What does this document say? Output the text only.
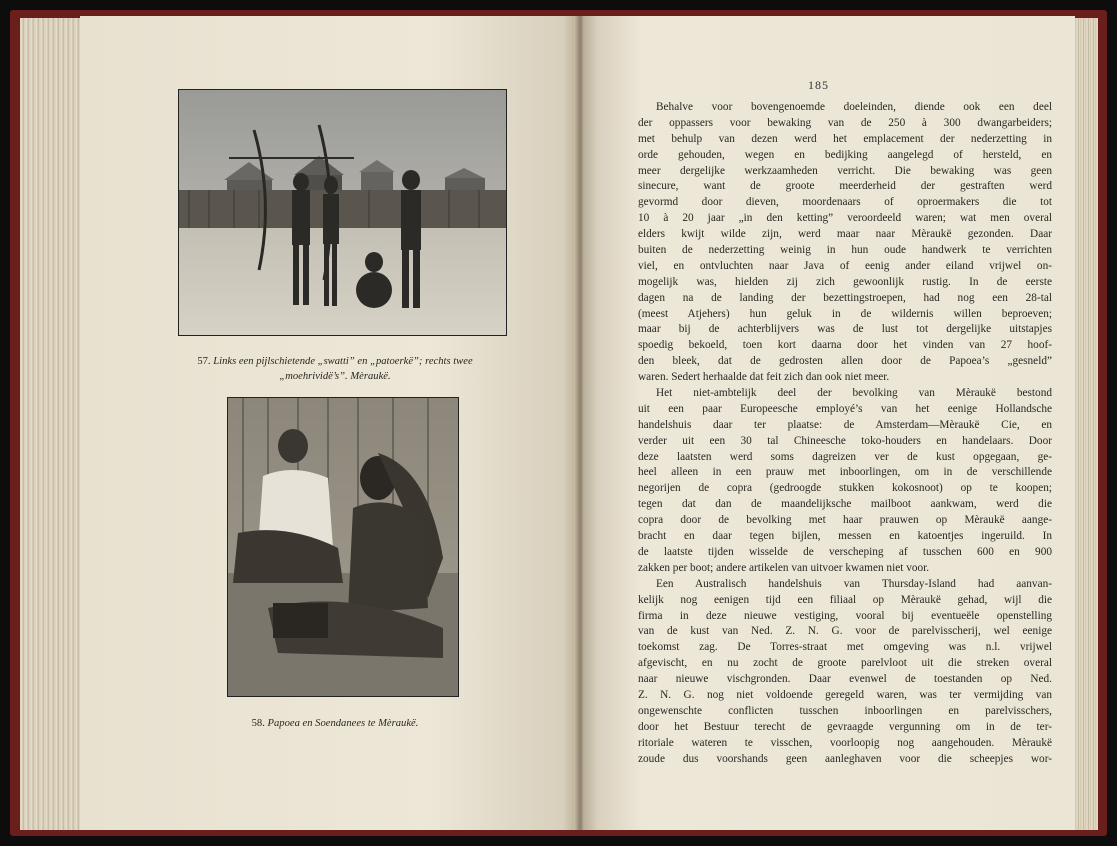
57. Links een pijlschietende „swatti” en „patoerkë”; rechts twee
„moehrividë’s”. Mèraukë.
58. Papoea en Soendanees te Mèraukë.
185
Behalve voor bovengenoemde doeleinden, diende ook een deel
der oppassers voor bewaking van de 250 à 300 dwangarbeiders;
met behulp van dezen werd het emplacement der nederzetting in
orde gehouden, wegen en bedijking aangelegd of hersteld, en
meer dergelijke werkzaamheden verricht. Die bewaking was geen
sinecure, want de groote meerderheid der gestraften werd
gevormd door dieven, moordenaars of oproermakers die tot
10 à 20 jaar „in den ketting” veroordeeld waren; wat men overal
elders kwijt wilde zijn, werd maar naar Mèraukë gezonden. Daar
buiten de nederzetting weinig in hun oude handwerk te verrichten
viel, en ontvluchten naar Java of eenig ander eiland vrijwel on-
mogelijk was, hielden zij zich gewoonlijk rustig. In de eerste
dagen na de landing der bezettingstroepen, had nog een 28-tal
(meest Atjehers) hun geluk in de wildernis willen beproeven;
maar bij de achterblijvers was de lust tot dergelijke uitstapjes
spoedig bekoeld, toen kort daarna door het vinden van 27 hoof-
den bleek, dat de gedrosten allen door de Papoea’s „gesneld”
waren. Sedert herhaalde dat feit zich dan ook niet meer.
Het niet-ambtelijk deel der bevolking van Mèraukë bestond
uit een paar Europeesche employé’s van het eenige Hollandsche
handelshuis daar ter plaatse: de Amsterdam—Mèraukë Cie, en
verder uit een 30 tal Chineesche toko-houders en handelaars. Door
deze laatsten werd soms dagreizen ver de kust opgegaan, ge-
heel alleen in een prauw met inboorlingen, om in de verschillende
negorijen de copra (gedroogde stukken kokosnoot) op te koopen;
tegen dat dan de maandelijksche mailboot aankwam, werd die
copra door de bevolking met haar prauwen op Mèraukë aange-
bracht en daar tegen bijlen, messen en katoentjes ingeruild. In
de laatste tijden wisselde de verscheping af tusschen 600 en 900
zakken per boot; andere artikelen van uitvoer kwamen niet voor.
Een Australisch handelshuis van Thursday-Island had aanvan-
kelijk nog eenigen tijd een filiaal op Mèraukë gehad, wijl die
firma in deze nieuwe vestiging, vooral bij eventueële openstelling
van de kust van Ned. Z. N. G. voor de parelvisscherij, wel eenige
toekomst zag. De Torres-straat met omgeving was n.l. vrijwel
afgevischt, en nu zocht de groote parelvloot uit die streken overal
naar nieuwe vischgronden. Daar evenwel de toestanden op Ned.
Z. N. G. nog niet voldoende geregeld waren, was ter vermijding van
ongewenschte conflicten tusschen inboorlingen en parelvisschers,
door het Bestuur terecht de gevraagde vergunning om in de ter-
ritoriale wateren te visschen, voorloopig nog aangehouden. Mèraukë
zoude dus voorshands geen aanleghaven voor die scheepjes wor-
